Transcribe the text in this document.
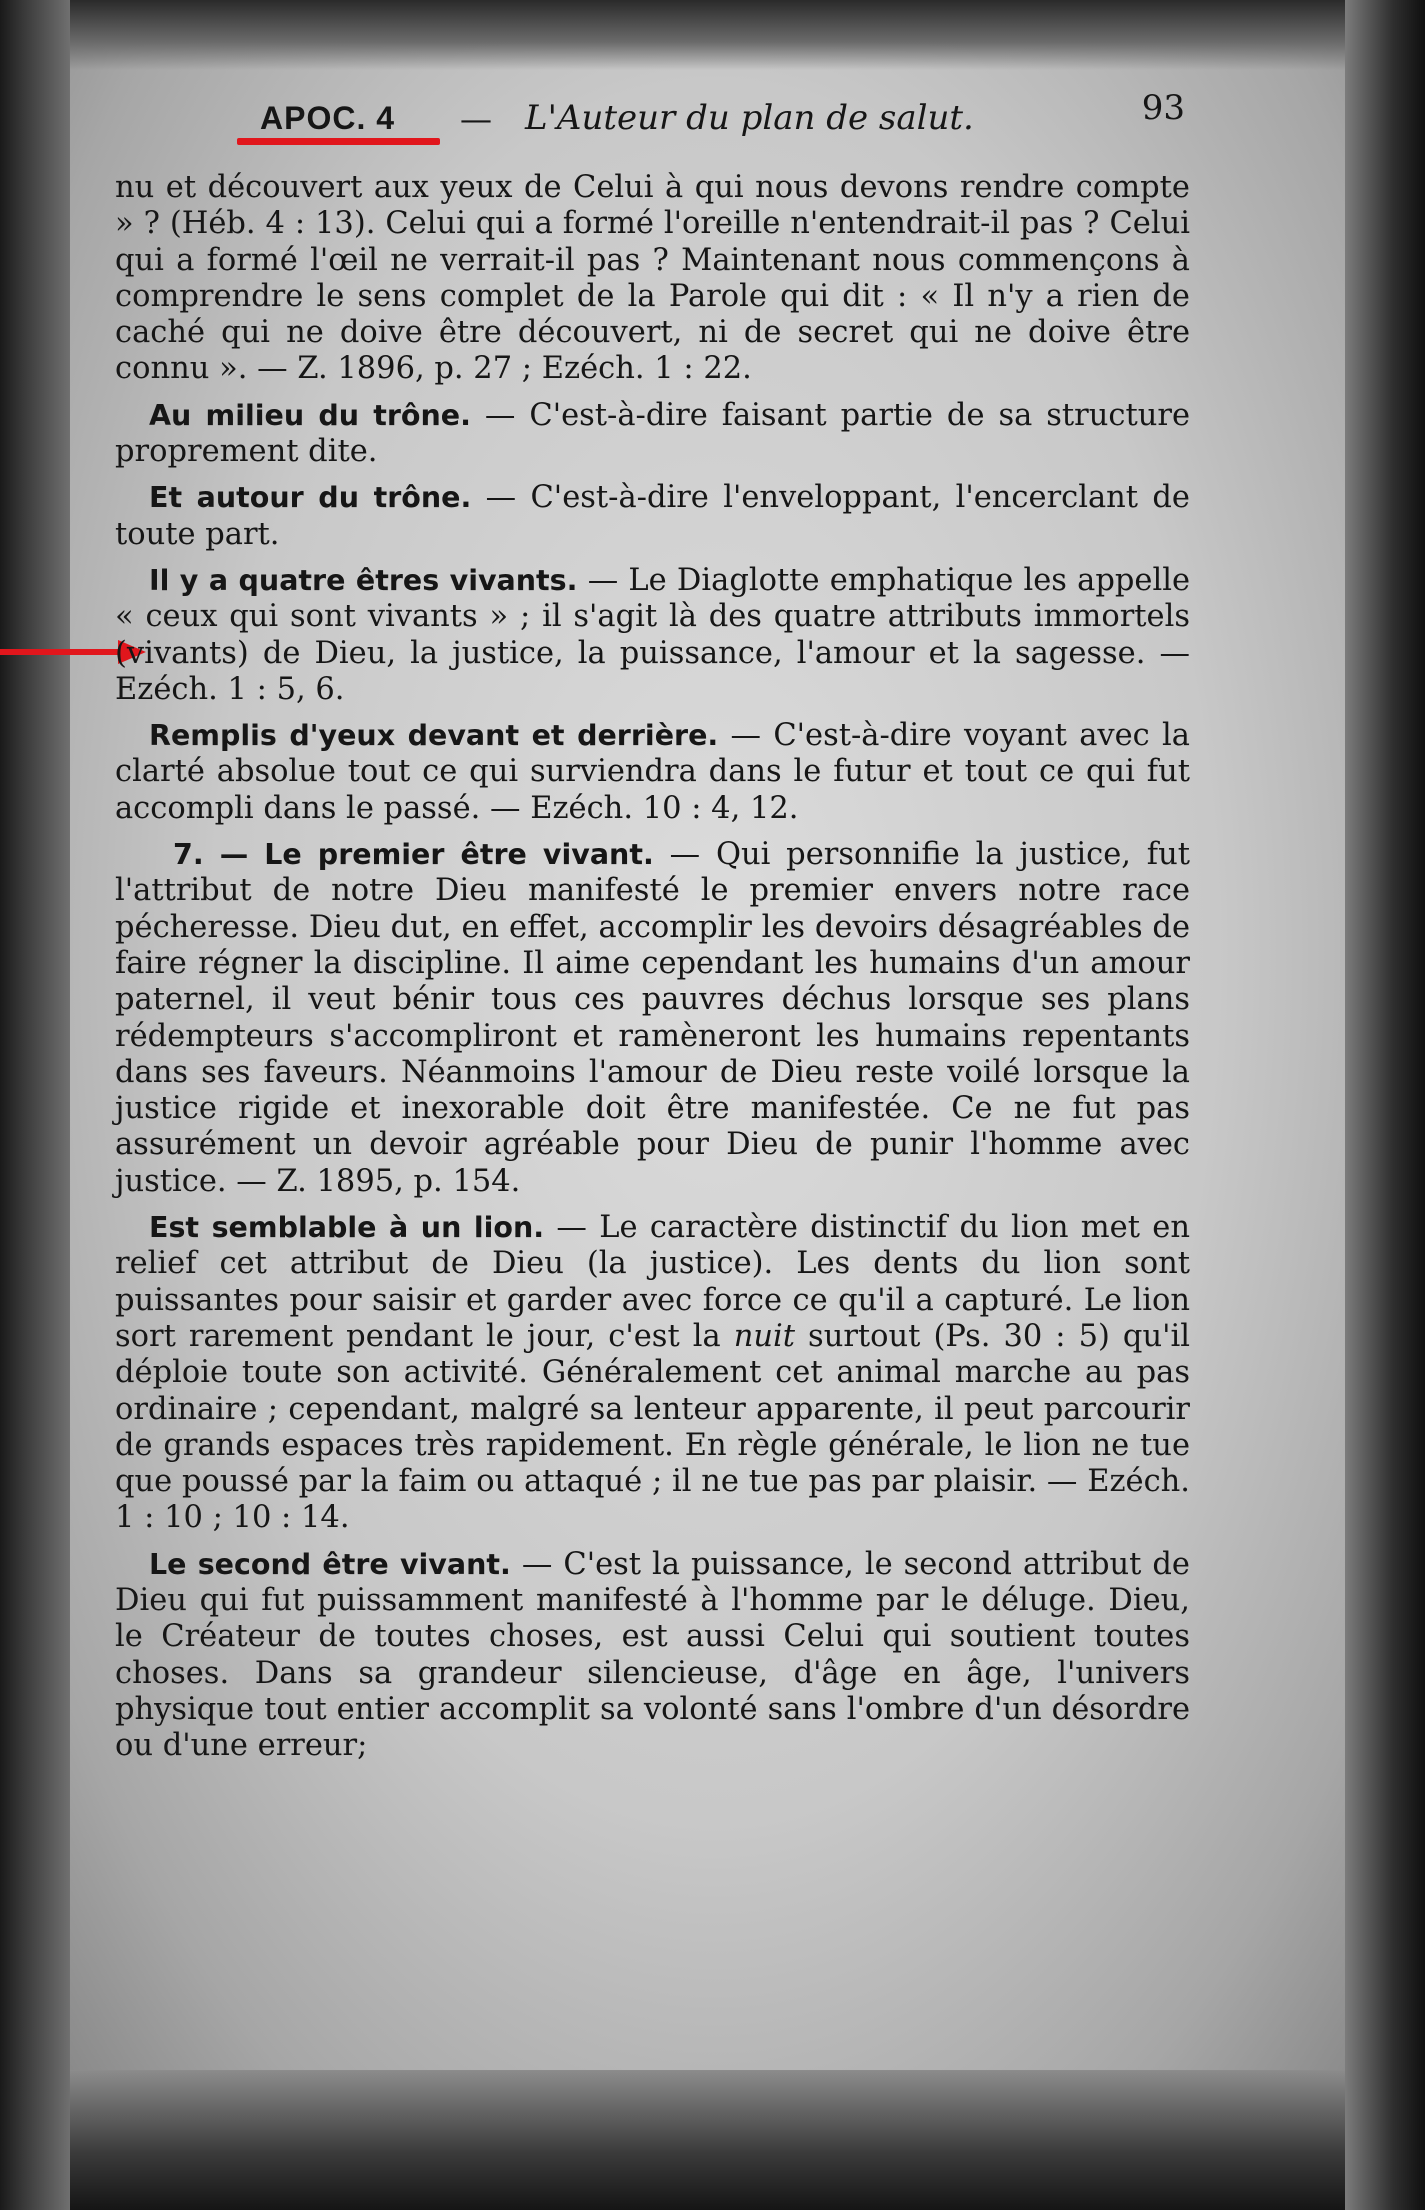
APOC. 4 — L'Auteur du plan de salut.	93

nu et découvert aux yeux de Celui à qui nous devons rendre compte » ? (Héb. 4 : 13). Celui qui a formé l'oreille n'entendrait-il pas ? Celui qui a formé l'œil ne verrait-il pas ? Maintenant nous commençons à comprendre le sens complet de la Parole qui dit : « Il n'y a rien de caché qui ne doive être découvert, ni de secret qui ne doive être connu ». — Z. 1896, p. 27 ; Ezéch. 1 : 22.

Au milieu du trône. — C'est-à-dire faisant partie de sa structure proprement dite.

Et autour du trône. — C'est-à-dire l'enveloppant, l'encerclant de toute part.

Il y a quatre êtres vivants. — Le Diaglotte emphatique les appelle « ceux qui sont vivants » ; il s'agit là des quatre attributs immortels (vivants) de Dieu, la justice, la puissance, l'amour et la sagesse. — Ezéch. 1 : 5, 6.

Remplis d'yeux devant et derrière. — C'est-à-dire voyant avec la clarté absolue tout ce qui surviendra dans le futur et tout ce qui fut accompli dans le passé. — Ezéch. 10 : 4, 12.

7. — Le premier être vivant. — Qui personnifie la justice, fut l'attribut de notre Dieu manifesté le premier envers notre race pécheresse. Dieu dut, en effet, accomplir les devoirs désagréables de faire régner la discipline. Il aime cependant les humains d'un amour paternel, il veut bénir tous ces pauvres déchus lorsque ses plans rédempteurs s'accompliront et ramèneront les humains repentants dans ses faveurs. Néanmoins l'amour de Dieu reste voilé lorsque la justice rigide et inexorable doit être manifestée. Ce ne fut pas assurément un devoir agréable pour Dieu de punir l'homme avec justice. — Z. 1895, p. 154.

Est semblable à un lion. — Le caractère distinctif du lion met en relief cet attribut de Dieu (la justice). Les dents du lion sont puissantes pour saisir et garder avec force ce qu'il a capturé. Le lion sort rarement pendant le jour, c'est la nuit surtout (Ps. 30 : 5) qu'il déploie toute son activité. Généralement cet animal marche au pas ordinaire ; cependant, malgré sa lenteur apparente, il peut parcourir de grands espaces très rapidement. En règle générale, le lion ne tue que poussé par la faim ou attaqué ; il ne tue pas par plaisir. — Ezéch. 1 : 10 ; 10 : 14.

Le second être vivant. — C'est la puissance, le second attribut de Dieu qui fut puissamment manifesté à l'homme par le déluge. Dieu, le Créateur de toutes choses, est aussi Celui qui soutient toutes choses. Dans sa grandeur silencieuse, d'âge en âge, l'univers physique tout entier accomplit sa volonté sans l'ombre d'un désordre ou d'une erreur;
